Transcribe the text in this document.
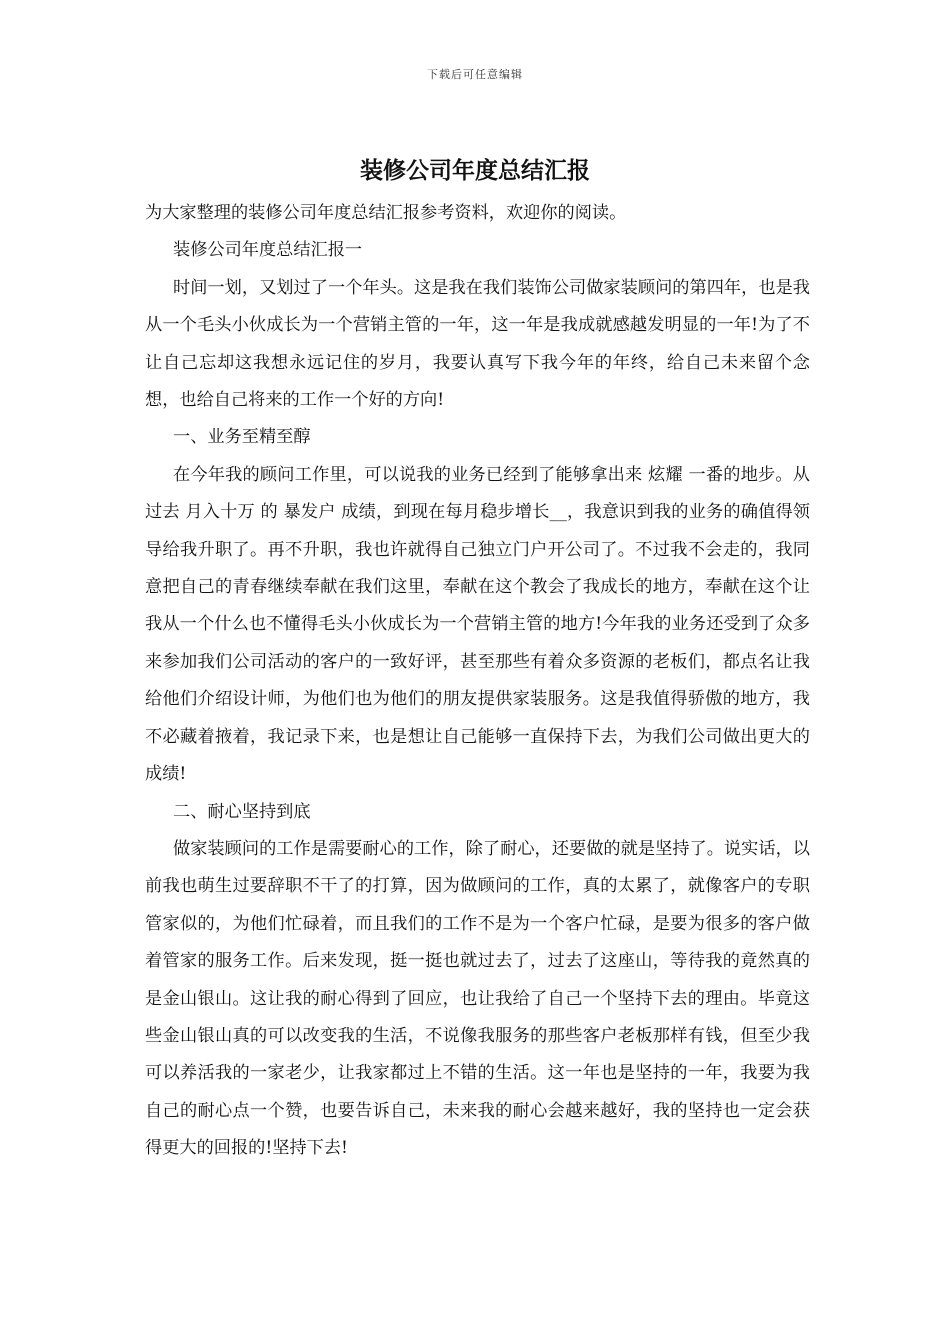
下载后可任意编辑
装修公司年度总结汇报

为大家整理的装修公司年度总结汇报参考资料，欢迎你的阅读。

装修公司年度总结汇报一

时间一划，又划过了一个年头。这是我在我们装饰公司做家装顾问的第四年，也是我从一个毛头小伙成长为一个营销主管的一年，这一年是我成就感越发明显的一年!为了不让自己忘却这我想永远记住的岁月，我要认真写下我今年的年终，给自己未来留个念想，也给自己将来的工作一个好的方向!

一、业务至精至醇

在今年我的顾问工作里，可以说我的业务已经到了能够拿出来 炫耀 一番的地步。从过去 月入十万 的 暴发户 成绩，到现在每月稳步增长__，我意识到我的业务的确值得领导给我升职了。再不升职，我也许就得自己独立门户开公司了。不过我不会走的，我同意把自己的青春继续奉献在我们这里，奉献在这个教会了我成长的地方，奉献在这个让我从一个什么也不懂得毛头小伙成长为一个营销主管的地方!今年我的业务还受到了众多来参加我们公司活动的客户的一致好评，甚至那些有着众多资源的老板们，都点名让我给他们介绍设计师，为他们也为他们的朋友提供家装服务。这是我值得骄傲的地方，我不必藏着掖着，我记录下来，也是想让自己能够一直保持下去，为我们公司做出更大的成绩!

二、耐心坚持到底

做家装顾问的工作是需要耐心的工作，除了耐心，还要做的就是坚持了。说实话，以前我也萌生过要辞职不干了的打算，因为做顾问的工作，真的太累了，就像客户的专职管家似的，为他们忙碌着，而且我们的工作不是为一个客户忙碌，是要为很多的客户做着管家的服务工作。后来发现，挺一挺也就过去了，过去了这座山，等待我的竟然真的是金山银山。这让我的耐心得到了回应，也让我给了自己一个坚持下去的理由。毕竟这些金山银山真的可以改变我的生活，不说像我服务的那些客户老板那样有钱，但至少我可以养活我的一家老少，让我家都过上不错的生活。这一年也是坚持的一年，我要为我自己的耐心点一个赞，也要告诉自己，未来我的耐心会越来越好，我的坚持也一定会获得更大的回报的!坚持下去!
